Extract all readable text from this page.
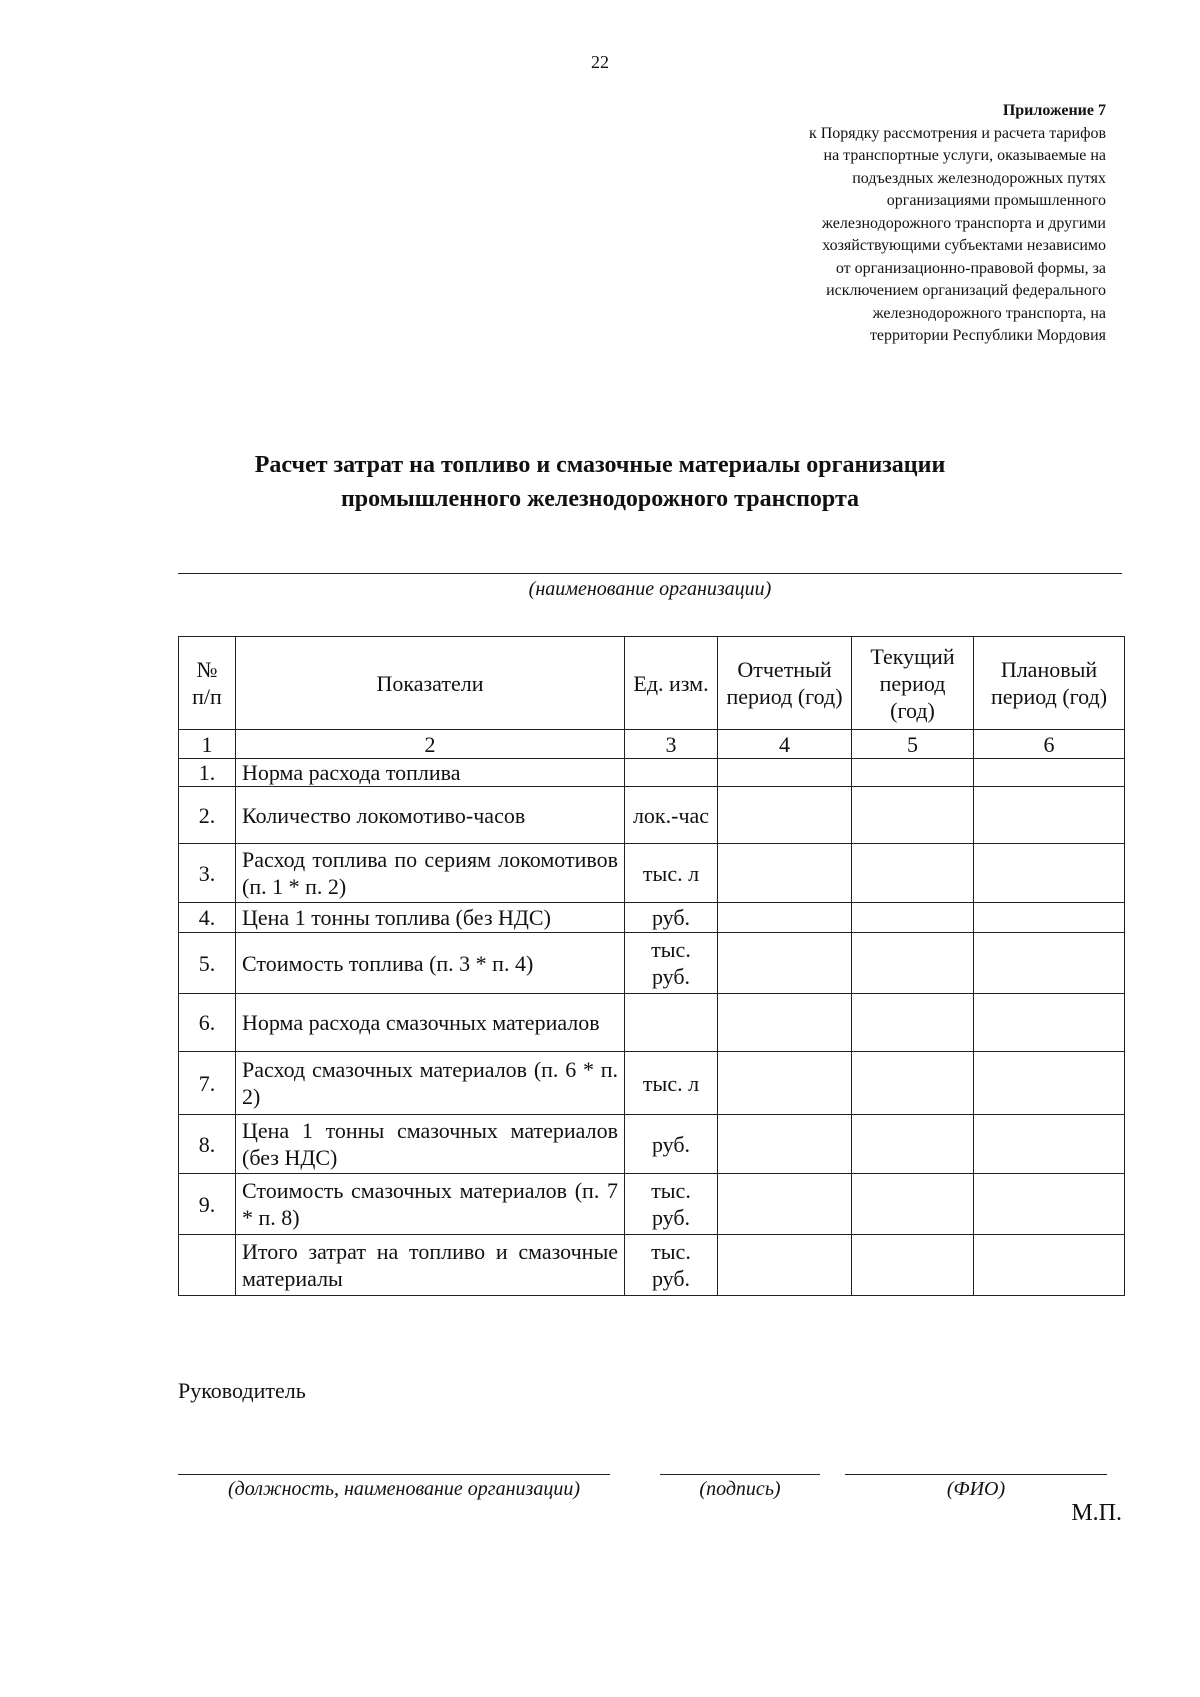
22
Приложение 7
к Порядку рассмотрения и расчета тарифов
на транспортные услуги, оказываемые на
подъездных железнодорожных путях
организациями промышленного
железнодорожного транспорта и другими
хозяйствующими субъектами независимо
от организационно-правовой формы, за
исключением организаций федерального
железнодорожного транспорта, на
территории Республики Мордовия
Расчет затрат на топливо и смазочные материалы организации
промышленного железнодорожного транспорта
(наименование организации)
№ п/п	Показатели	Ед. изм.	Отчетный период (год)	Текущий период (год)	Плановый период (год)
1	2	3	4	5	6
1.	Норма расхода топлива				
2.	Количество локомотиво-часов	лок.-час			
3.	Расход топлива по сериям локомотивов (п. 1 * п. 2)	тыс. л			
4.	Цена 1 тонны топлива (без НДС)	руб.			
5.	Стоимость топлива (п. 3 * п. 4)	тыс. руб.			
6.	Норма расхода смазочных материалов				
7.	Расход смазочных материалов (п. 6 * п. 2)	тыс. л			
8.	Цена 1 тонны смазочных материалов (без НДС)	руб.			
9.	Стоимость смазочных материалов (п. 7 * п. 8)	тыс. руб.			
	Итого затрат на топливо и смазочные материалы	тыс. руб.			
Руководитель
(должность, наименование организации)	(подпись)	(ФИО)
М.П.
